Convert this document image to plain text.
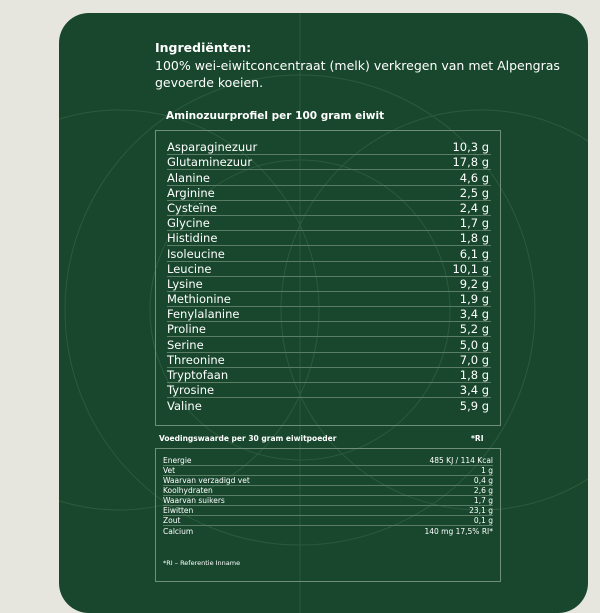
Ingrediënten:
100% wei-eiwitconcentraat (melk) verkregen van met Alpengras gevoerde koeien.
Aminozuurprofiel per 100 gram eiwit
Asparaginezuur	10,3 g
Glutaminezuur	17,8 g
Alanine	4,6 g
Arginine	2,5 g
Cysteïne	2,4 g
Glycine	1,7 g
Histidine	1,8 g
Isoleucine	6,1 g
Leucine	10,1 g
Lysine	9,2 g
Methionine	1,9 g
Fenylalanine	3,4 g
Proline	5,2 g
Serine	5,0 g
Threonine	7,0 g
Tryptofaan	1,8 g
Tyrosine	3,4 g
Valine	5,9 g
Voedingswaarde per 30 gram eiwitpoeder	*RI
Energie	485 KJ / 114 Kcal
Vet	1 g
Waarvan verzadigd vet	0,4 g
Koolhydraten	2,6 g
Waarvan suikers	1,7 g
Eiwitten	23,1 g
Zout	0,1 g
Calcium	140 mg 17,5% RI*
*RI – Referentie Inname
